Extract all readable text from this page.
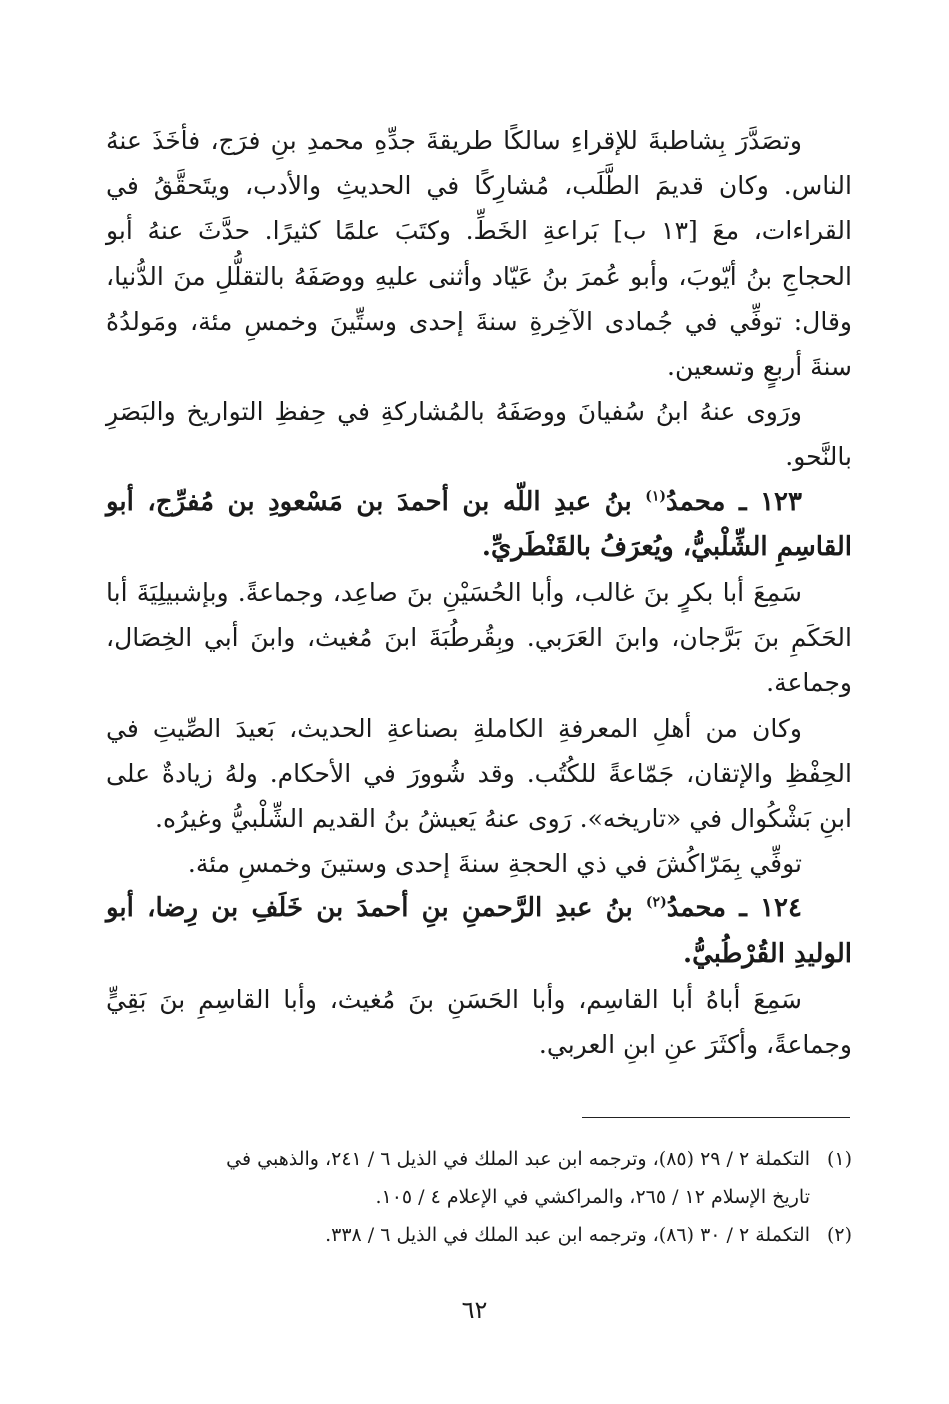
وتصَدَّرَ بِشاطبةَ للإقراءِ سالكًا طريقةَ جدِّهِ محمدِ بنِ فرَج، فأخَذَ عنهُ الناس. وكان قديمَ الطَّلَب، مُشارِكًا في الحديثِ والأدب، ويتَحقَّقُ في القراءات، معَ [١٣ ب] بَراعةِ الخَطِّ. وكتَبَ علمًا كثيرًا. حدَّثَ عنهُ أبو الحجاجِ بنُ أيّوبَ، وأبو عُمرَ بنُ عَيّاد وأثنى عليهِ ووصَفَهُ بالتقلُّلِ منَ الدُّنيا، وقال: توفِّي في جُمادى الآخِرةِ سنةَ إحدى وستِّينَ وخمسِ مئة، ومَولدُهُ سنةَ أربعٍ وتسعين.

ورَوى عنهُ ابنُ سُفيانَ ووصَفَهُ بالمُشاركةِ في حِفظِ التواريخ والبَصَرِ بالنَّحو.

١٢٣ ـ محمدُ$^{(١)}$ بنُ عبدِ اللّه بن أحمدَ بن مَسْعودِ بن مُفرِّج، أبو القاسِمِ الشِّلْبيُّ، ويُعرَفُ بالقَنْطَريِّ.

سَمِعَ أبا بكرٍ بنَ غالب، وأبا الحُسَيْنِ بنَ صاعِد، وجماعةً. وبإشبيلِيَةَ أبا الحَكَمِ بنَ بَرَّجان، وابنَ العَرَبي. وبِقُرطُبَةَ ابنَ مُغيث، وابنَ أبي الخِصَال، وجماعة.

وكان من أهلِ المعرفةِ الكاملةِ بصناعةِ الحديث، بَعيدَ الصِّيتِ في الحِفْظِ والإتقان، جَمّاعةً للكُتُب. وقد شُوورَ في الأحكام. ولهُ زيادةٌ على ابنِ بَشْكُوال في «تاريخه». رَوى عنهُ يَعيشُ بنُ القديم الشِّلْبيُّ وغيرُه.

توفِّي بِمَرّاكُشَ في ذي الحجةِ سنةَ إحدى وستينَ وخمسِ مئة.

١٢٤ ـ محمدُ$^{(٢)}$ بنُ عبدِ الرَّحمنِ بنِ أحمدَ بن خَلَفِ بن رِضا، أبو الوليدِ القُرْطُبيُّ.

سَمِعَ أباهُ أبا القاسِم، وأبا الحَسَنِ بنَ مُغيث، وأبا القاسِمِ بنَ بَقِيٍّ وجماعةً، وأكثَرَ عنِ ابنِ العربي.

(١)التكملة ٢ / ٢٩ (٨٥)، وترجمه ابن عبد الملك في الذيل ٦ / ٢٤١، والذهبي في

تاريخ الإسلام ١٢ / ٢٦٥، والمراكشي في الإعلام ٤ / ١٠٥.

(٢)التكملة ٢ / ٣٠ (٨٦)، وترجمه ابن عبد الملك في الذيل ٦ / ٣٣٨.

٦٢
